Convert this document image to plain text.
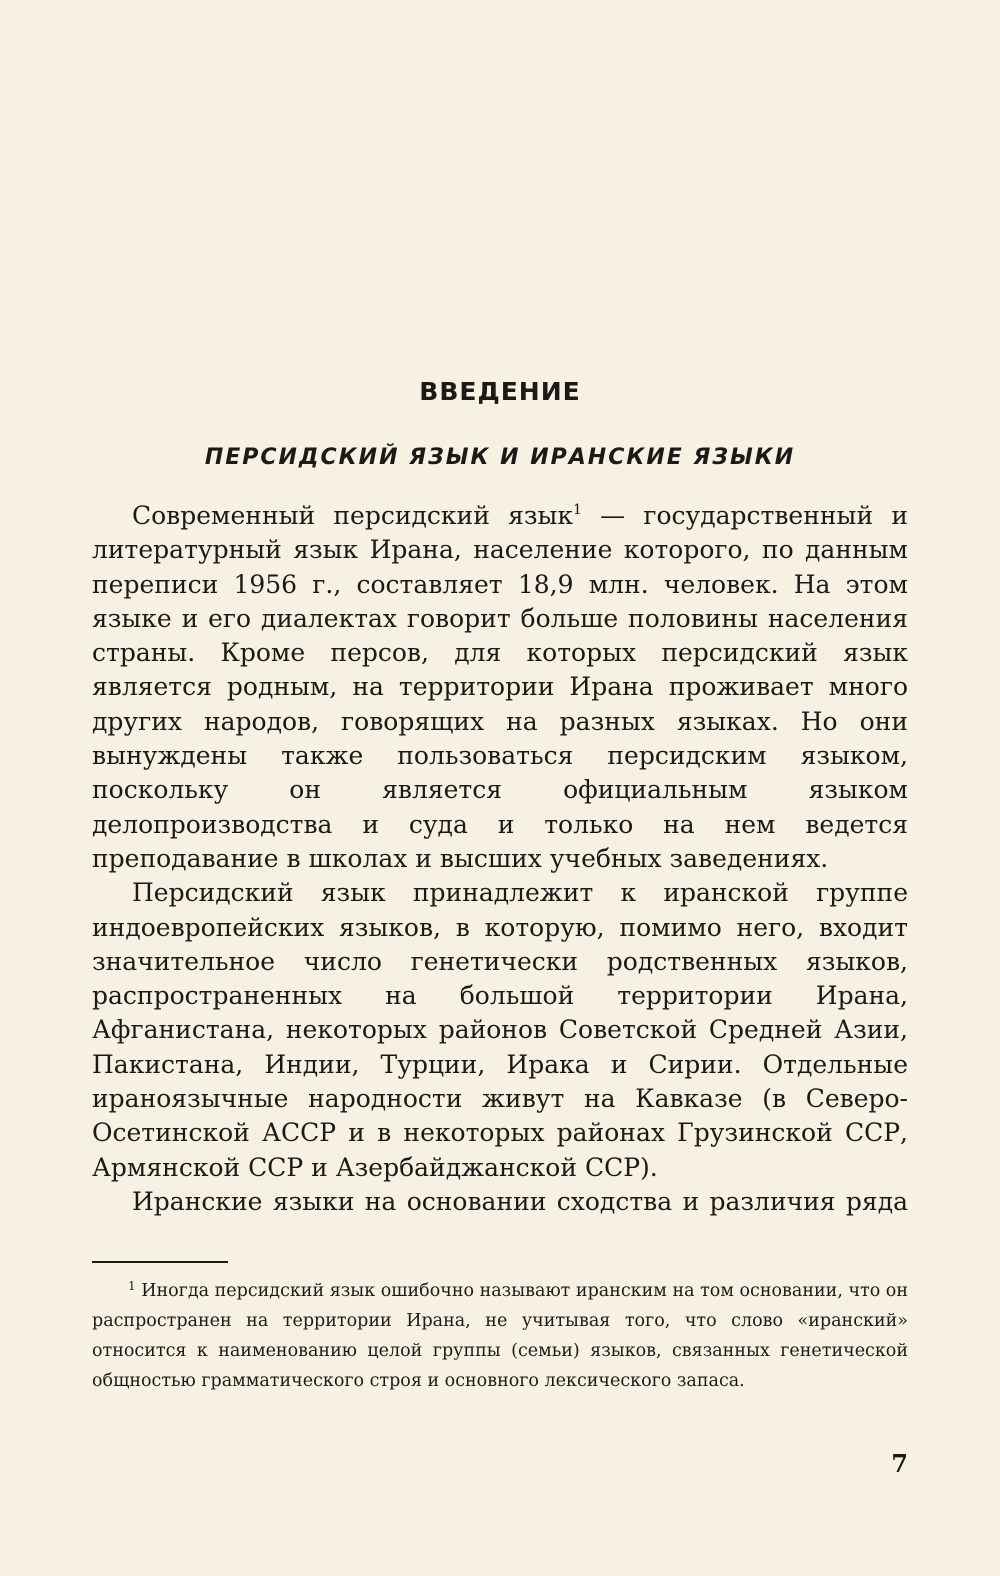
ВВЕДЕНИЕ
ПЕРСИДСКИЙ ЯЗЫК И ИРАНСКИЕ ЯЗЫКИ

Современный персидский язык$^1$ — государственный и литературный язык Ирана, население которого, по данным переписи 1956 г., составляет 18,9 млн. человек. На этом языке и его диалектах говорит больше половины населения страны. Кроме персов, для которых персидский язык является родным, на территории Ирана проживает много других народов, говорящих на разных языках. Но они вынуждены также пользоваться персидским языком, поскольку он является официальным языком делопроизводства и суда и только на нем ведется преподавание в школах и высших учебных заведениях.

Персидский язык принадлежит к иранской группе индоевропейских языков, в которую, помимо него, входит значительное число генетически родственных языков, распространенных на большой территории Ирана, Афганистана, некоторых районов Советской Средней Азии, Пакистана, Индии, Турции, Ирака и Сирии. Отдельные ираноязычные народности живут на Кавказе (в Северо-Осетинской АССР и в некоторых районах Грузинской ССР, Армянской ССР и Азербайджанской ССР).

Иранские языки на основании сходства и различия ряда

$^1$ Иногда персидский язык ошибочно называют иранским на том основании, что он распространен на территории Ирана, не учитывая того, что слово «иранский» относится к наименованию целой группы (семьи) языков, связанных генетической общностью грамматического строя и основного лексического запаса.

7
